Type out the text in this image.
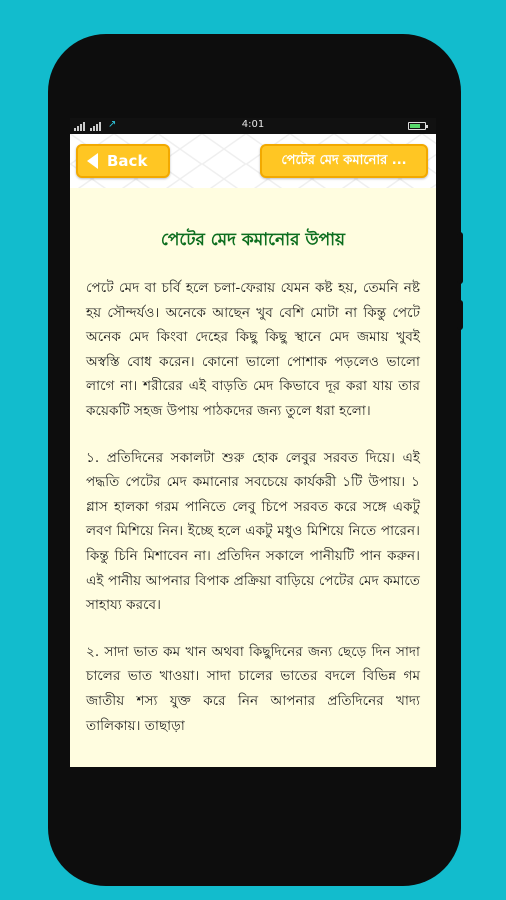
↗	4:01
Back	পেটের মেদ কমানোর ...
পেটের মেদ কমানোর উপায়

পেটে মেদ বা চর্বি হলে চলা-ফেরায় যেমন কষ্ট হয়, তেমনি নষ্ট হয় সৌন্দর্যও। অনেকে আছেন খুব বেশি মোটা না কিন্তু পেটে অনেক মেদ কিংবা দেহের কিছু কিছু স্থানে মেদ জমায় খুবই অস্বস্তি বোধ করেন। কোনো ভালো পোশাক পড়লেও ভালো লাগে না। শরীরের এই বাড়তি মেদ কিভাবে দূর করা যায় তার কয়েকটি সহজ উপায় পাঠকদের জন্য তুলে ধরা হলো।

১. প্রতিদিনের সকালটা শুরু হোক লেবুর সরবত দিয়ে। এই পদ্ধতি পেটের মেদ কমানোর সবচেয়ে কার্যকরী ১টি উপায়। ১ গ্লাস হালকা গরম পানিতে লেবু চিপে সরবত করে সঙ্গে একটু লবণ মিশিয়ে নিন। ইচ্ছে হলে একটু মধুও মিশিয়ে নিতে পারেন। কিন্তু চিনি মিশাবেন না। প্রতিদিন সকালে পানীয়টি পান করুন। এই পানীয় আপনার বিপাক প্রক্রিয়া বাড়িয়ে পেটের মেদ কমাতে সাহায্য করবে।

২. সাদা ভাত কম খান অথবা কিছুদিনের জন্য ছেড়ে দিন সাদা চালের ভাত খাওয়া। সাদা চালের ভাতের বদলে বিভিন্ন গম জাতীয় শস্য যুক্ত করে নিন আপনার প্রতিদিনের খাদ্য তালিকায়। তাছাড়া
